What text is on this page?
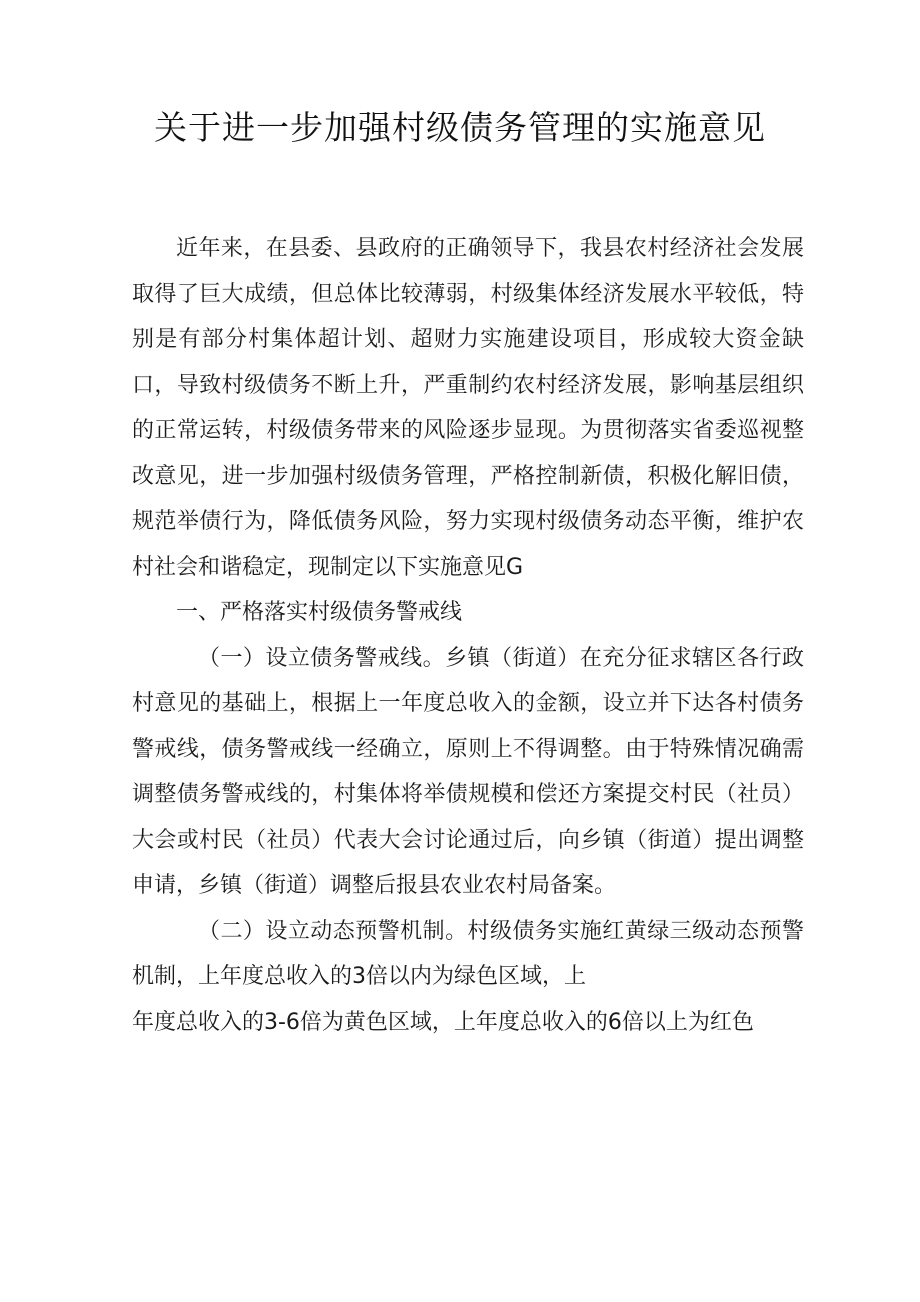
关于进一步加强村级债务管理的实施意见

近年来，在县委、县政府的正确领导下，我县农村经济社会发展取得了巨大成绩，但总体比较薄弱，村级集体经济发展水平较低，特别是有部分村集体超计划、超财力实施建设项目，形成较大资金缺口，导致村级债务不断上升，严重制约农村经济发展，影响基层组织的正常运转，村级债务带来的风险逐步显现。为贯彻落实省委巡视整改意见，进一步加强村级债务管理，严格控制新债，积极化解旧债，规范举债行为，降低债务风险，努力实现村级债务动态平衡，维护农村社会和谐稳定，现制定以下实施意见G

一、严格落实村级债务警戒线

（一）设立债务警戒线。乡镇（街道）在充分征求辖区各行政村意见的基础上，根据上一年度总收入的金额，设立并下达各村债务警戒线，债务警戒线一经确立，原则上不得调整。由于特殊情况确需调整债务警戒线的，村集体将举债规模和偿还方案提交村民（社员）大会或村民（社员）代表大会讨论通过后，向乡镇（街道）提出调整申请，乡镇（街道）调整后报县农业农村局备案。

（二）设立动态预警机制。村级债务实施红黄绿三级动态预警机制，上年度总收入的3倍以内为绿色区域，上

年度总收入的3-6倍为黄色区域，上年度总收入的6倍以上为红色
